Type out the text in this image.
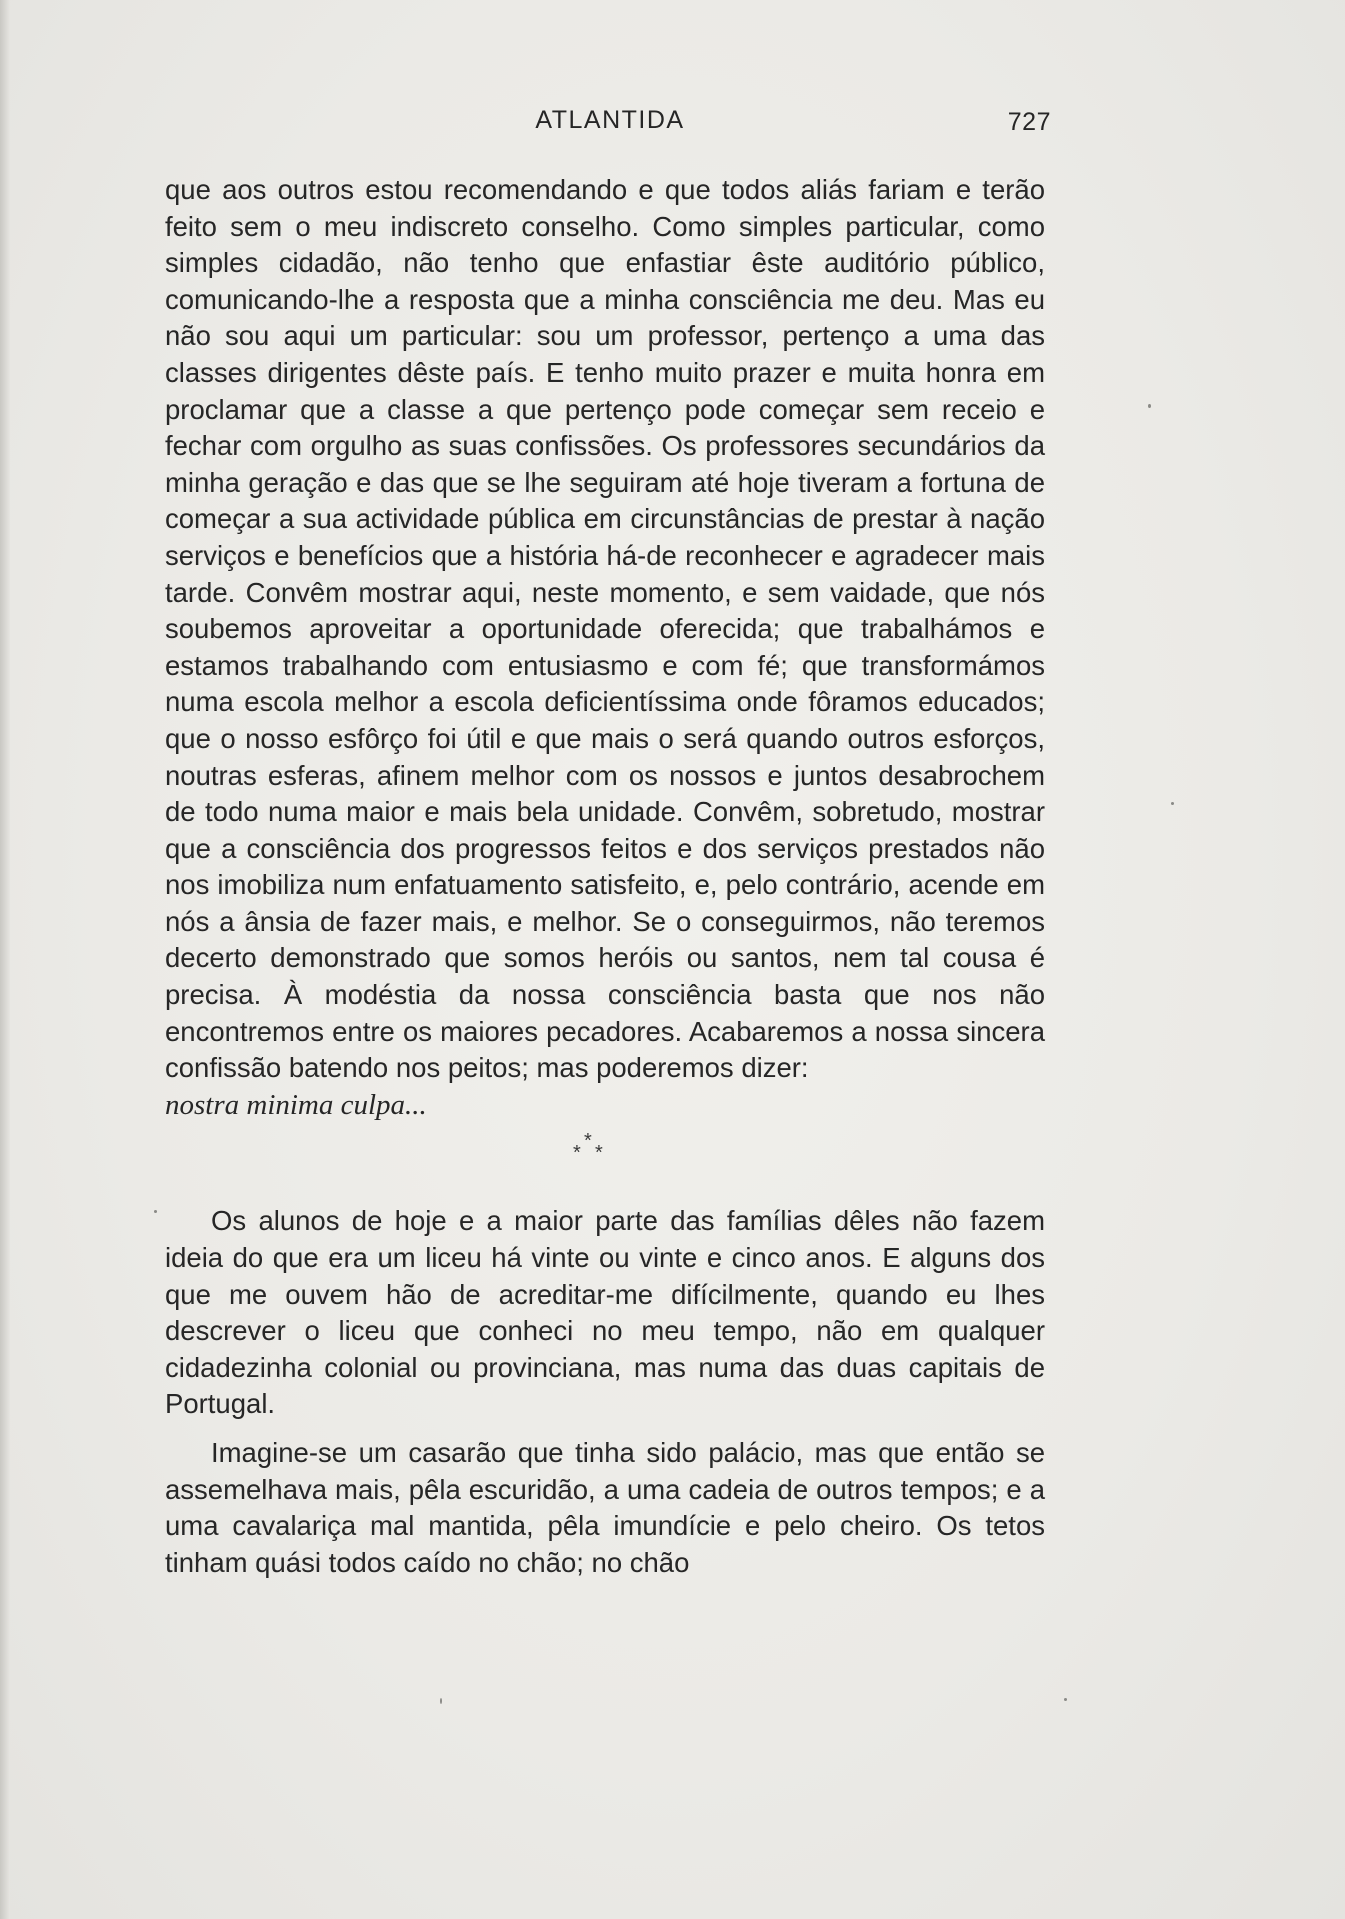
ATLANTIDA	727

que aos outros estou recomendando e que todos aliás fariam e terão feito sem o meu indiscreto conselho. Como simples particular, como simples cidadão, não tenho que enfastiar êste auditório público, comunicando-lhe a resposta que a minha consciência me deu. Mas eu não sou aqui um particular: sou um professor, pertenço a uma das classes dirigentes dêste país. E tenho muito prazer e muita honra em proclamar que a classe a que pertenço pode começar sem receio e fechar com orgulho as suas confissões. Os professores secundários da minha geração e das que se lhe seguiram até hoje tiveram a fortuna de começar a sua actividade pública em circunstâncias de prestar à nação serviços e benefícios que a história há-de reconhecer e agradecer mais tarde. Convêm mostrar aqui, neste momento, e sem vaidade, que nós soubemos aproveitar a oportunidade oferecida; que trabalhámos e estamos trabalhando com entusiasmo e com fé; que transformámos numa escola melhor a escola deficientíssima onde fôramos educados; que o nosso esfôrço foi útil e que mais o será quando outros esforços, noutras esferas, afinem melhor com os nossos e juntos desabrochem de todo numa maior e mais bela unidade. Convêm, sobretudo, mostrar que a consciência dos progressos feitos e dos serviços prestados não nos imobiliza num enfatuamento satisfeito, e, pelo contrário, acende em nós a ânsia de fazer mais, e melhor. Se o conseguirmos, não teremos decerto demonstrado que somos heróis ou santos, nem tal cousa é precisa. À modéstia da nossa consciência basta que nos não encontremos entre os maiores pecadores. Acabaremos a nossa sincera confissão batendo nos peitos; mas poderemos dizer:
nostra minima culpa...

*
* *

Os alunos de hoje e a maior parte das famílias dêles não fazem ideia do que era um liceu há vinte ou vinte e cinco anos. E alguns dos que me ouvem hão de acreditar-me difícilmente, quando eu lhes descrever o liceu que conheci no meu tempo, não em qualquer cidadezinha colonial ou provinciana, mas numa das duas capitais de Portugal.

Imagine-se um casarão que tinha sido palácio, mas que então se assemelhava mais, pêla escuridão, a uma cadeia de outros tempos; e a uma cavalariça mal mantida, pêla imundície e pelo cheiro. Os tetos tinham quási todos caído no chão; no chão
